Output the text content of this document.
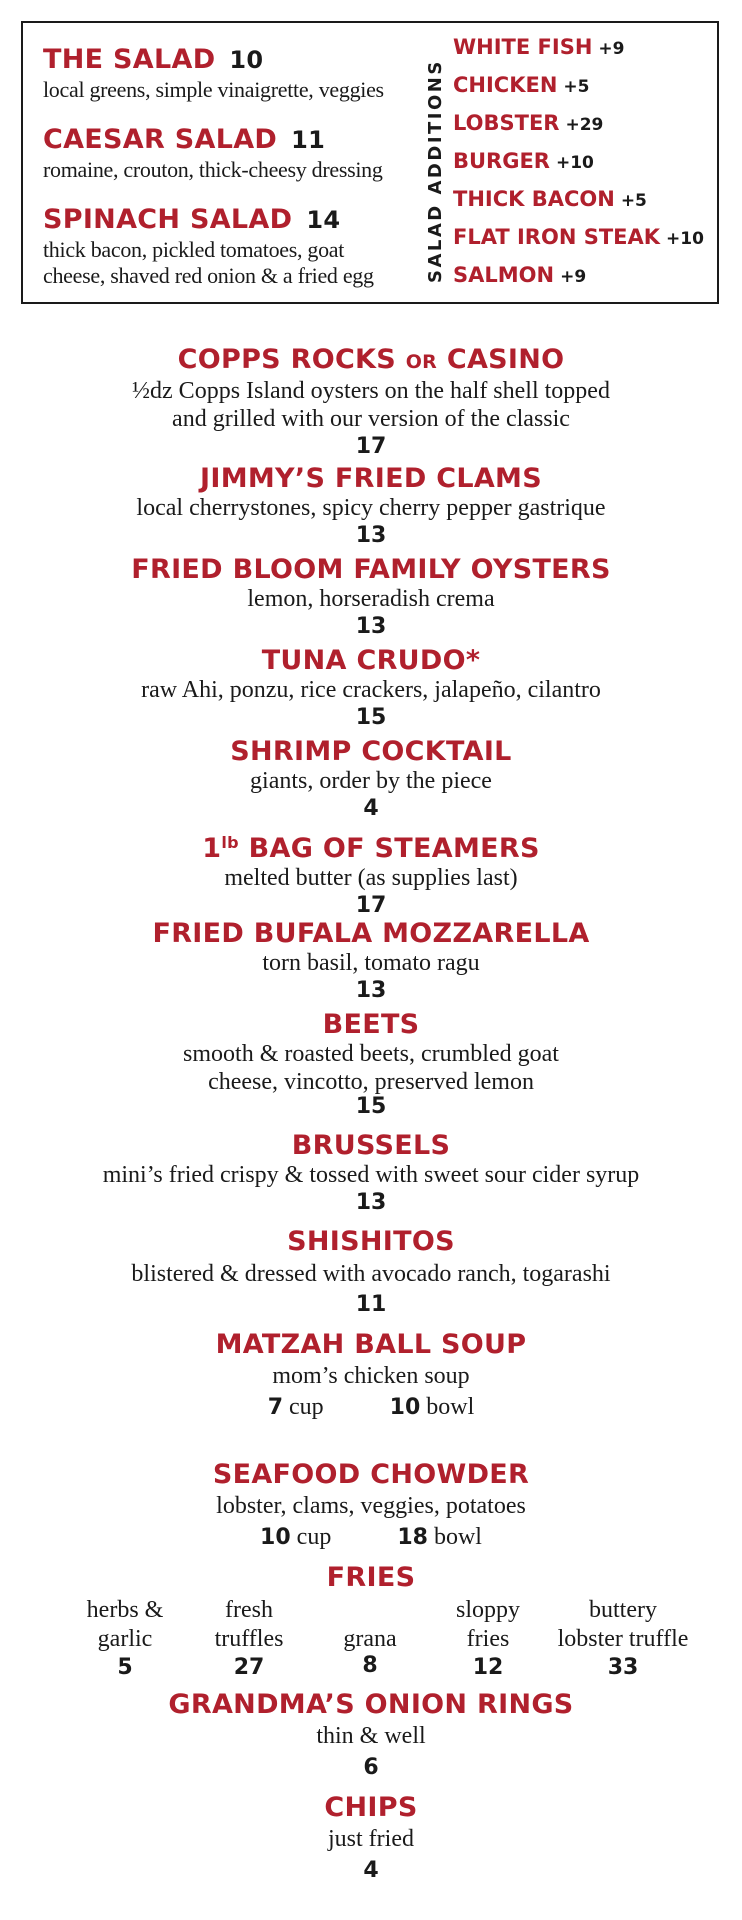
THE SALAD 10
local greens, simple vinaigrette, veggies
CAESAR SALAD 11
romaine, crouton, thick-cheesy dressing
SPINACH SALAD 14
thick bacon, pickled tomatoes, goat
cheese, shaved red onion & a fried egg	SALAD ADDITIONS
WHITE FISH +9
CHICKEN +5
LOBSTER +29
BURGER +10
THICK BACON +5
FLAT IRON STEAK +10
SALMON +9
COPPS ROCKS OR CASINO
½dz Copps Island oysters on the half shell topped
and grilled with our version of the classic
17
JIMMY’S FRIED CLAMS
local cherrystones, spicy cherry pepper gastrique
13
FRIED BLOOM FAMILY OYSTERS
lemon, horseradish crema
13
TUNA CRUDO*
raw Ahi, ponzu, rice crackers, jalapeño, cilantro
15
SHRIMP COCKTAIL
giants, order by the piece
4
$1^{lb}$ BAG OF STEAMERS
melted butter (as supplies last)
17
FRIED BUFALA MOZZARELLA
torn basil, tomato ragu
13
BEETS
smooth & roasted beets, crumbled goat
cheese, vincotto, preserved lemon
15
BRUSSELS
mini’s fried crispy & tossed with sweet sour cider syrup
13
SHISHITOS
blistered & dressed with avocado ranch, togarashi
11
MATZAH BALL SOUP
mom’s chicken soup
7 cup	10 bowl
SEAFOOD CHOWDER
lobster, clams, veggies, potatoes
10 cup	18 bowl
FRIES
herbs &
garlic
5
fresh
truffles
27
grana
8
sloppy
fries
12
buttery
lobster truffle
33
GRANDMA’S ONION RINGS
thin & well
6
CHIPS
just fried
4
